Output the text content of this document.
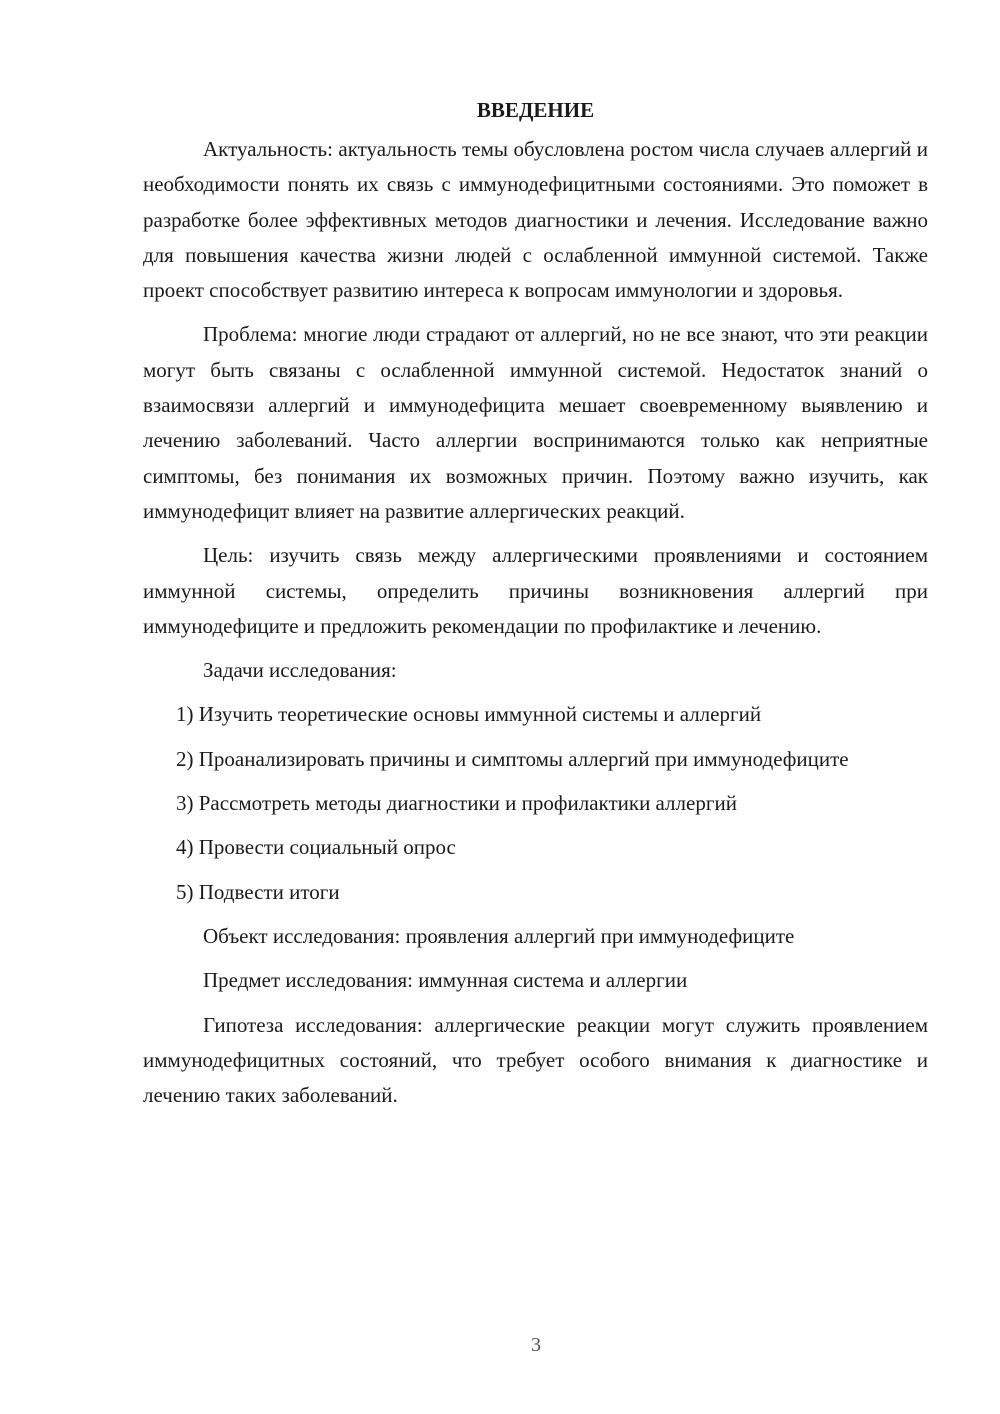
ВВЕДЕНИЕ

Актуальность: актуальность темы обусловлена ростом числа случаев аллергий и необходимости понять их связь с иммунодефицитными состояниями. Это поможет в разработке более эффективных методов диагностики и лечения. Исследование важно для повышения качества жизни людей с ослабленной иммунной системой. Также проект способствует развитию интереса к вопросам иммунологии и здоровья.

Проблема: многие люди страдают от аллергий, но не все знают, что эти реакции могут быть связаны с ослабленной иммунной системой. Недостаток знаний о взаимосвязи аллергий и иммунодефицита мешает своевременному выявлению и лечению заболеваний. Часто аллергии воспринимаются только как неприятные симптомы, без понимания их возможных причин. Поэтому важно изучить, как иммунодефицит влияет на развитие аллергических реакций.

Цель: изучить связь между аллергическими проявлениями и состоянием иммунной системы, определить причины возникновения аллергий при иммунодефиците и предложить рекомендации по профилактике и лечению.

Задачи исследования:

1) Изучить теоретические основы иммунной системы и аллергий

2) Проанализировать причины и симптомы аллергий при иммунодефиците

3) Рассмотреть методы диагностики и профилактики аллергий

4) Провести социальный опрос

5) Подвести итоги

Объект исследования: проявления аллергий при иммунодефиците

Предмет исследования: иммунная система и аллергии

Гипотеза исследования: аллергические реакции могут служить проявлением иммунодефицитных состояний, что требует особого внимания к диагностике и лечению таких заболеваний.

3
